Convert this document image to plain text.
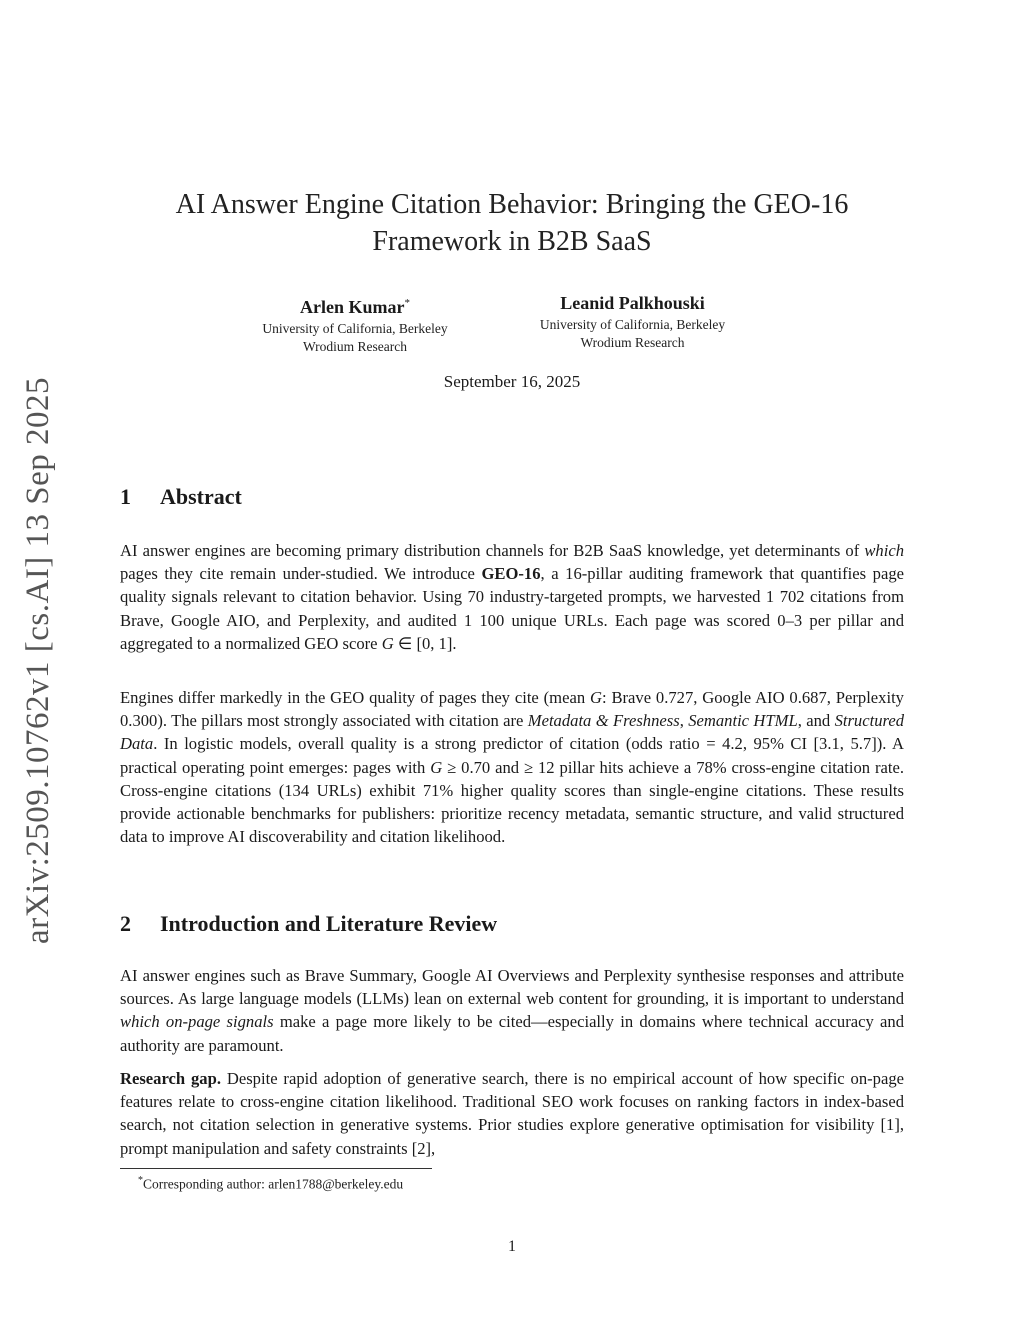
arXiv:2509.10762v1 [cs.AI] 13 Sep 2025
AI Answer Engine Citation Behavior: Bringing the GEO-16 Framework in B2B SaaS
Arlen Kumar*
University of California, Berkeley
Wrodium Research
Leanid Palkhouski
University of California, Berkeley
Wrodium Research
September 16, 2025
1 Abstract

AI answer engines are becoming primary distribution channels for B2B SaaS knowledge, yet determinants of which pages they cite remain under-studied. We introduce GEO-16, a 16-pillar auditing framework that quantifies page quality signals relevant to citation behavior. Using 70 industry-targeted prompts, we harvested 1 702 citations from Brave, Google AIO, and Perplexity, and audited 1 100 unique URLs. Each page was scored 0–3 per pillar and aggregated to a normalized GEO score G ∈ [0, 1].

Engines differ markedly in the GEO quality of pages they cite (mean G: Brave 0.727, Google AIO 0.687, Perplexity 0.300). The pillars most strongly associated with citation are Metadata & Freshness, Semantic HTML, and Structured Data. In logistic models, overall quality is a strong predictor of citation (odds ratio = 4.2, 95% CI [3.1, 5.7]). A practical operating point emerges: pages with G ≥ 0.70 and ≥ 12 pillar hits achieve a 78% cross-engine citation rate. Cross-engine citations (134 URLs) exhibit 71% higher quality scores than single-engine citations. These results provide actionable benchmarks for publishers: prioritize recency metadata, semantic structure, and valid structured data to improve AI discoverability and citation likelihood.

2 Introduction and Literature Review

AI answer engines such as Brave Summary, Google AI Overviews and Perplexity synthesise responses and attribute sources. As large language models (LLMs) lean on external web content for grounding, it is important to understand which on-page signals make a page more likely to be cited—especially in domains where technical accuracy and authority are paramount.

Research gap. Despite rapid adoption of generative search, there is no empirical account of how specific on-page features relate to cross-engine citation likelihood. Traditional SEO work focuses on ranking factors in index-based search, not citation selection in generative systems. Prior studies explore generative optimisation for visibility [1], prompt manipulation and safety constraints [2],

*Corresponding author: arlen1788@berkeley.edu
1
